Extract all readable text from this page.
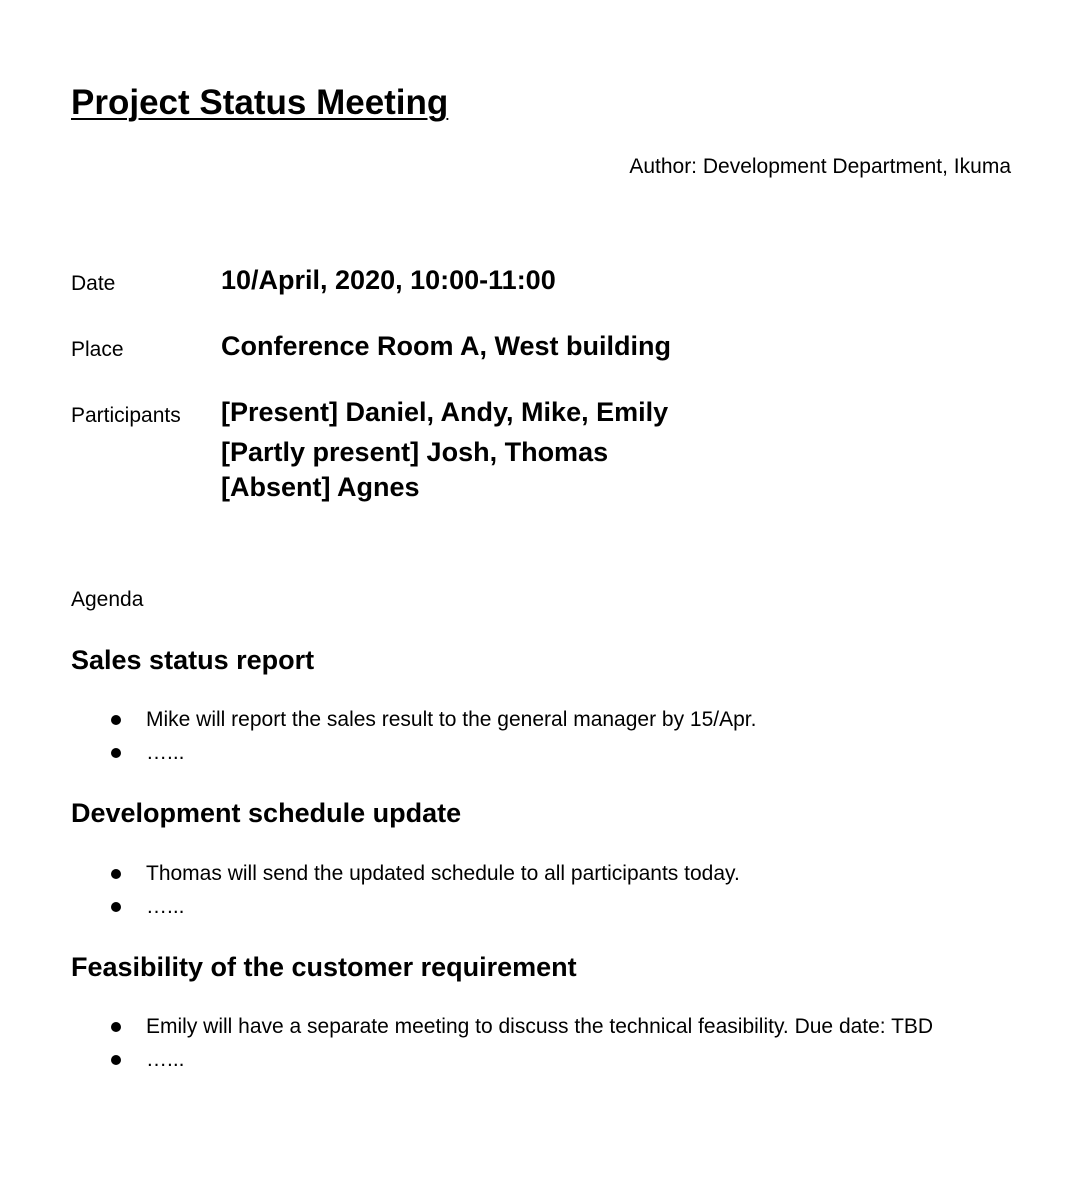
Project Status Meeting
Author: Development Department, Ikuma
Date	10/April, 2020, 10:00-11:00
Place	Conference Room A, West building
Participants [Present] Daniel, Andy, Mike, Emily
[Partly present] Josh, Thomas
[Absent] Agnes
Agenda
Sales status report
Mike will report the sales result to the general manager by 15/Apr.
…...
Development schedule update
Thomas will send the updated schedule to all participants today.
…...
Feasibility of the customer requirement
Emily will have a separate meeting to discuss the technical feasibility. Due date: TBD
…...
